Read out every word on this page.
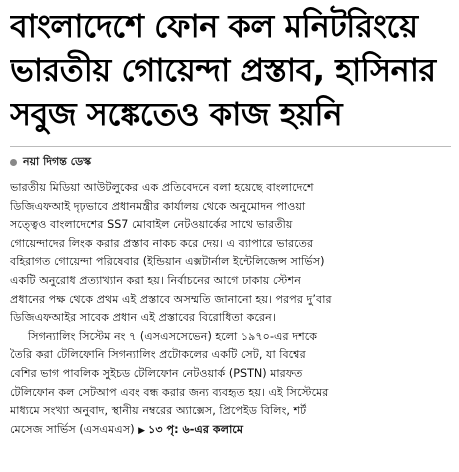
বাংলাদেশে ফোন কল মনিটরিংয়ে
ভারতীয় গোয়েন্দা প্রস্তাব, হাসিনার
সবুজ সঙ্কেতেও কাজ হয়নি
নয়া দিগন্ত ডেস্ক
ভারতীয় মিডিয়া আউটলুকের এক প্রতিবেদনে বলা হয়েছে বাংলাদেশে
ডিজিএফআই দৃঢ়ভাবে প্রধানমন্ত্রীর কার্যালয় থেকে অনুমোদন পাওয়া
সত্ত্বেও বাংলাদেশের SS7 মোবাইল নেটওয়ার্কের সাথে ভারতীয়
গোয়েন্দাদের লিংক করার প্রস্তাব নাকচ করে দেয়। এ ব্যাপারে ভারতের
বহিরাগত গোয়েন্দা পরিষেবার (ইন্ডিয়ান এক্সটার্নাল ইন্টেলিজেন্স সার্ভিস)
একটি অনুরোধ প্রত্যাখ্যান করা হয়। নির্বাচনের আগে ঢাকায় স্টেশন
প্রধানের পক্ষ থেকে প্রথম এই প্রস্তাবে অসম্মতি জানানো হয়। পরপর দু’বার
ডিজিএফআইর সাবেক প্রধান এই প্রস্তাবের বিরোধিতা করেন।
সিগন্যালিং সিস্টেম নং ৭ (এসএসসেভেন) হলো ১৯৭০-এর দশকে
তৈরি করা টেলিফোনি সিগন্যালিং প্রটোকলের একটি সেট, যা বিশ্বের
বেশির ভাগ পাবলিক সুইচড টেলিফোন নেটওয়ার্ক (PSTN) মারফত
টেলিফোন কল সেটআপ এবং বন্ধ করার জন্য ব্যবহৃত হয়। এই সিস্টেমের
মাধ্যমে সংখ্যা অনুবাদ, স্থানীয় নম্বরের অ্যাক্সেস, প্রিপেইড বিলিং, শর্ট
মেসেজ সার্ভিস (এসএমএস) ▶ ১৩ পৃ: ৬-এর কলামে
